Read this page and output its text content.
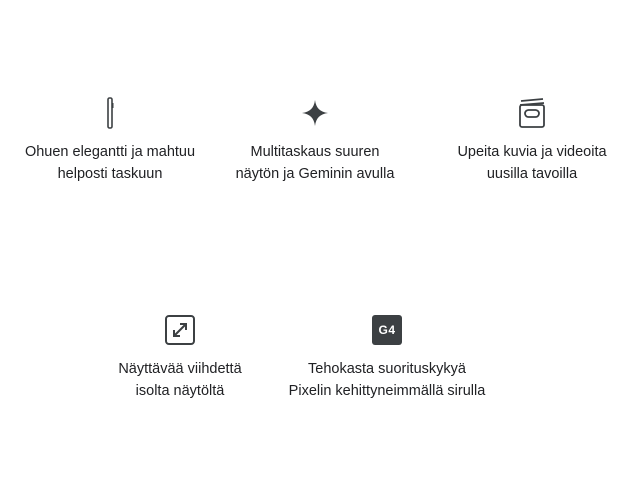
Ohuen elegantti ja mahtuu
helposti taskuun
Multitaskaus suuren
näytön ja Geminin avulla
Upeita kuvia ja videoita
uusilla tavoilla
Näyttävää viihdettä
isolta näytöltä
G4
Tehokasta suorituskykyä
Pixelin kehittyneimmällä sirulla
